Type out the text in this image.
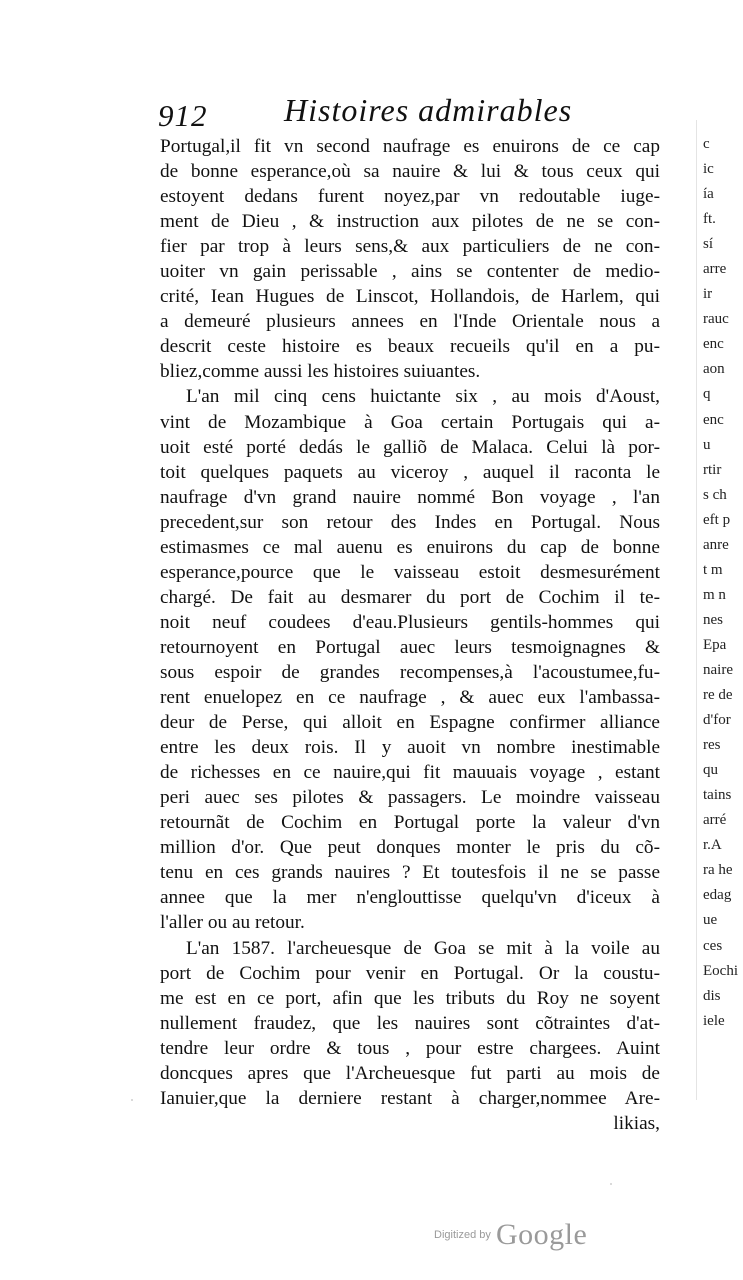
912 Histoires admirables
Portugal,il fit vn second naufrage es enuirons de ce cap
de bonne esperance,où sa nauire & lui & tous ceux qui
estoyent dedans furent noyez,par vn redoutable iuge-
ment de Dieu , & instruction aux pilotes de ne se con-
fier par trop à leurs sens,& aux particuliers de ne con-
uoiter vn gain perissable , ains se contenter de medio-
crité, Iean Hugues de Linscot, Hollandois, de Harlem, qui
a demeuré plusieurs annees en l'Inde Orientale nous a
descrit ceste histoire es beaux recueils qu'il en a pu-
bliez,comme aussi les histoires suiuantes.
L'an mil cinq cens huictante six , au mois d'Aoust,
vint de Mozambique à Goa certain Portugais qui a-
uoit esté porté dedás le galliõ de Malaca. Celui là por-
toit quelques paquets au viceroy , auquel il raconta le
naufrage d'vn grand nauire nommé Bon voyage , l'an
precedent,sur son retour des Indes en Portugal. Nous
estimasmes ce mal auenu es enuirons du cap de bonne
esperance,pource que le vaisseau estoit desmesurément
chargé. De fait au desmarer du port de Cochim il te-
noit neuf coudees d'eau.Plusieurs gentils-hommes qui
retournoyent en Portugal auec leurs tesmoignagnes &
sous espoir de grandes recompenses,à l'acoustumee,fu-
rent enuelopez en ce naufrage , & auec eux l'ambassa-
deur de Perse, qui alloit en Espagne confirmer alliance
entre les deux rois. Il y auoit vn nombre inestimable
de richesses en ce nauire,qui fit mauuais voyage , estant
peri auec ses pilotes & passagers. Le moindre vaisseau
retournãt de Cochim en Portugal porte la valeur d'vn
million d'or. Que peut donques monter le pris du cõ-
tenu en ces grands nauires ? Et toutesfois il ne se passe
annee que la mer n'englouttisse quelqu'vn d'iceux à
l'aller ou au retour.
L'an 1587. l'archeuesque de Goa se mit à la voile au
port de Cochim pour venir en Portugal. Or la coustu-
me est en ce port, afin que les tributs du Roy ne soyent
nullement fraudez, que les nauires sont cõtraintes d'at-
tendre leur ordre & tous , pour estre chargees. Auint
doncques apres que l'Archeuesque fut parti au mois de
Ianuier,que la derniere restant à charger,nommee Are-
likias,
c
ic
ía
ft.
sí
arre
ir
rauc
enc
aon
q
enc
u
rtir
s ch
eft p
anre
t m
m n
nes
Epa
naire
re de
d'for
res
qu
tains
arré
r.A
ra he
edag
ue
ces
Eochi
dis
iele
Digitized by Google
